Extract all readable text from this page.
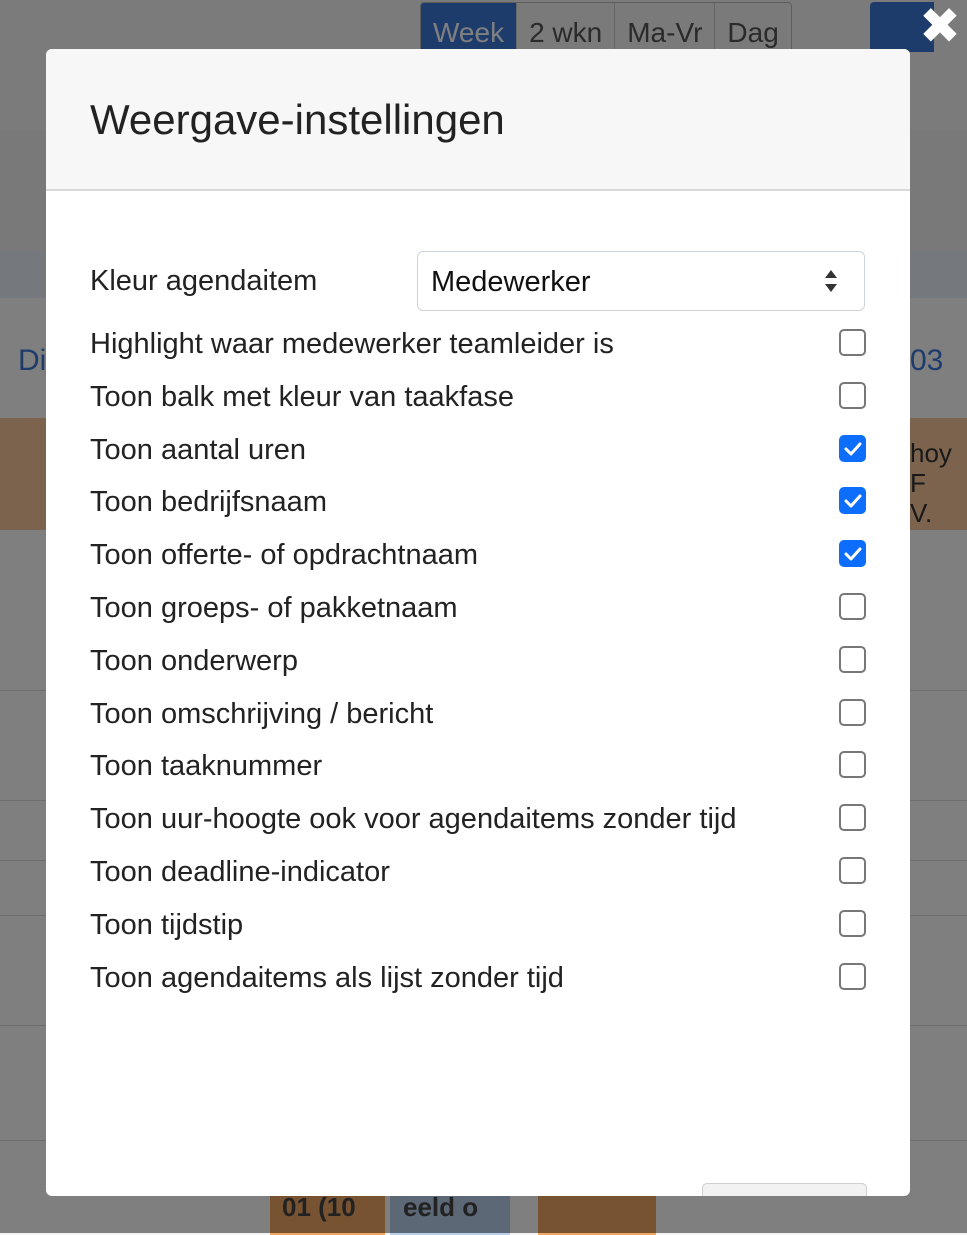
✖
Weergave-instellingen
Kleur agendaitem	Medewerker
Highlight waar medewerker teamleider is
Toon balk met kleur van taakfase
Toon aantal uren
Toon bedrijfsnaam
Toon offerte- of opdrachtnaam
Toon groeps- of pakketnaam
Toon onderwerp
Toon omschrijving / bericht
Toon taaknummer
Toon uur-hoogte ook voor agendaitems zonder tijd
Toon deadline-indicator
Toon tijdstip
Toon agendaitems als lijst zonder tijd
